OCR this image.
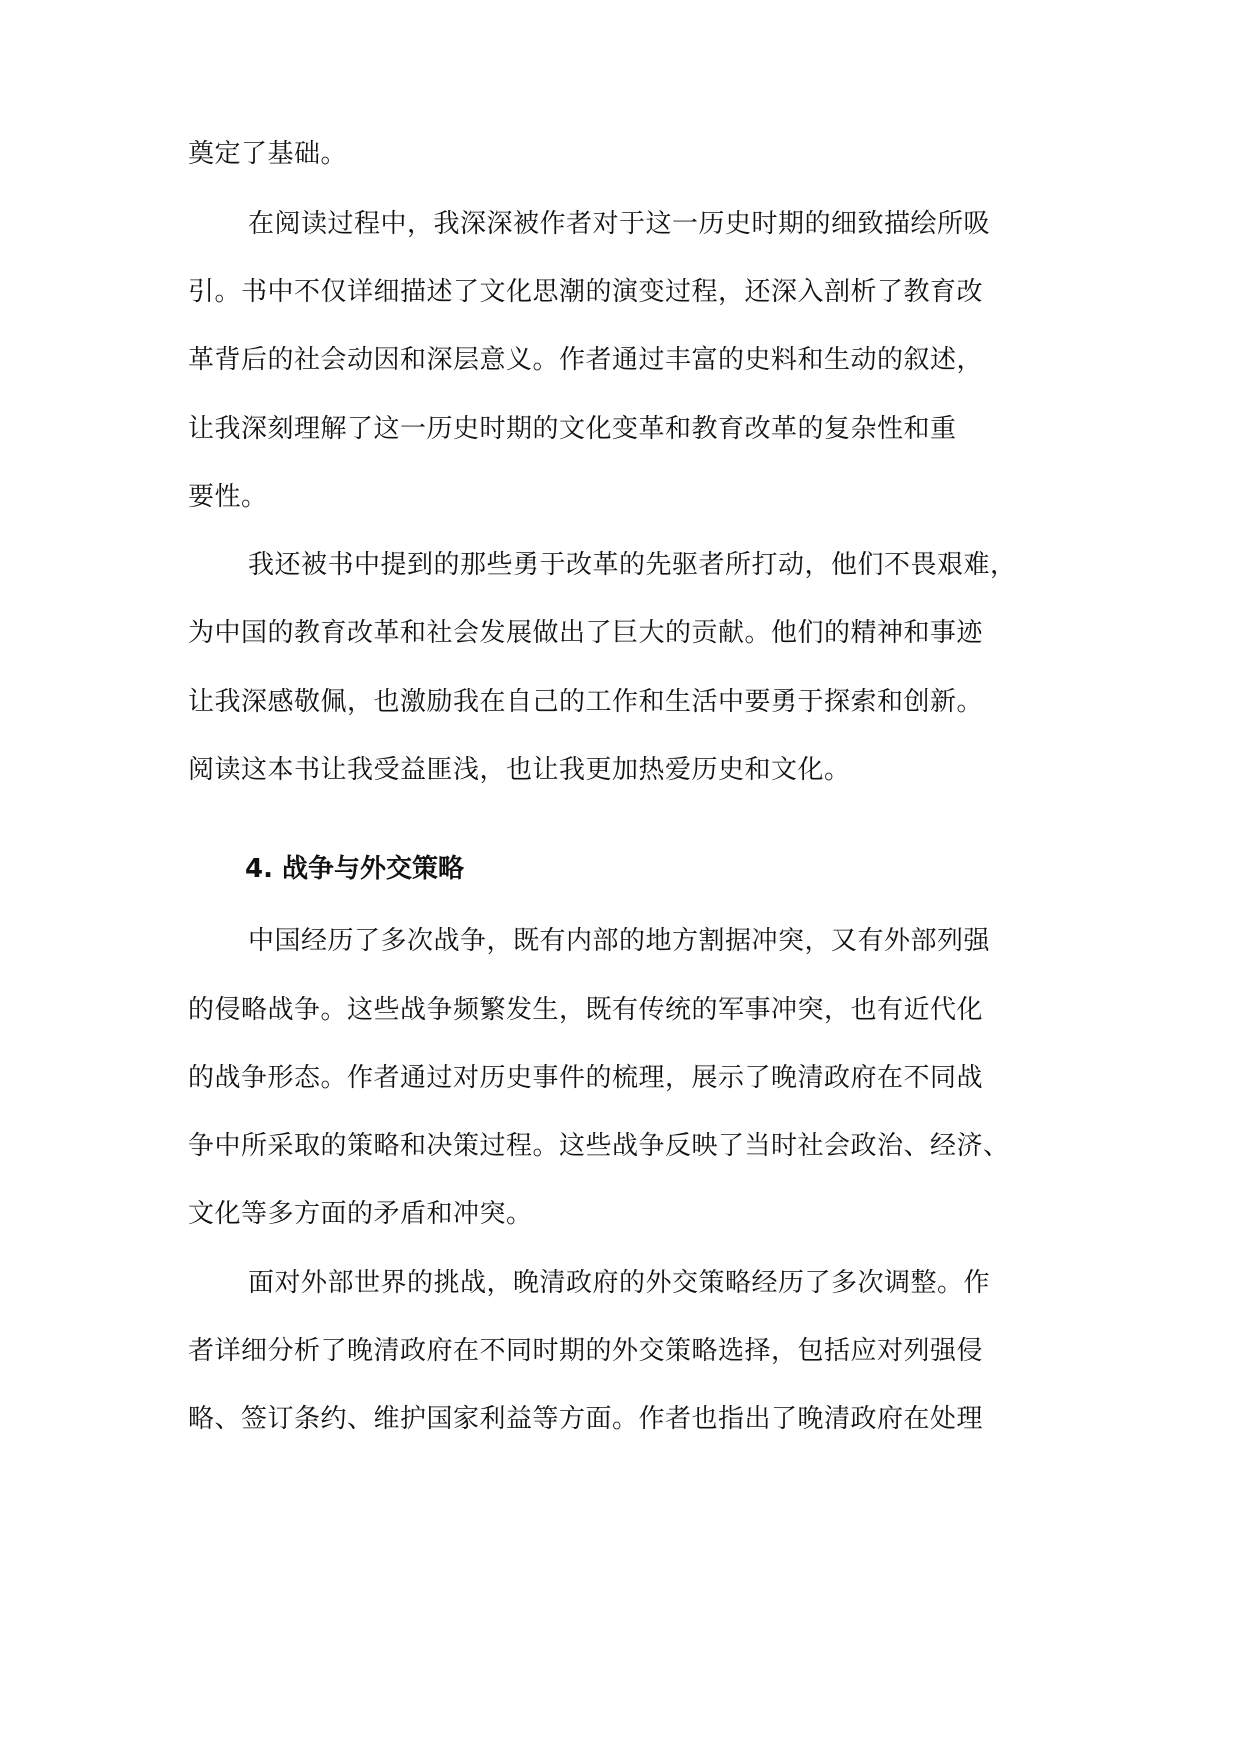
奠定了基础。
在阅读过程中，我深深被作者对于这一历史时期的细致描绘所吸
引。书中不仅详细描述了文化思潮的演变过程，还深入剖析了教育改
革背后的社会动因和深层意义。作者通过丰富的史料和生动的叙述，
让我深刻理解了这一历史时期的文化变革和教育改革的复杂性和重
要性。
我还被书中提到的那些勇于改革的先驱者所打动，他们不畏艰难，
为中国的教育改革和社会发展做出了巨大的贡献。他们的精神和事迹
让我深感敬佩，也激励我在自己的工作和生活中要勇于探索和创新。
阅读这本书让我受益匪浅，也让我更加热爱历史和文化。
4. 战争与外交策略
中国经历了多次战争，既有内部的地方割据冲突，又有外部列强
的侵略战争。这些战争频繁发生，既有传统的军事冲突，也有近代化
的战争形态。作者通过对历史事件的梳理，展示了晚清政府在不同战
争中所采取的策略和决策过程。这些战争反映了当时社会政治、经济、
文化等多方面的矛盾和冲突。
面对外部世界的挑战，晚清政府的外交策略经历了多次调整。作
者详细分析了晚清政府在不同时期的外交策略选择，包括应对列强侵
略、签订条约、维护国家利益等方面。作者也指出了晚清政府在处理
